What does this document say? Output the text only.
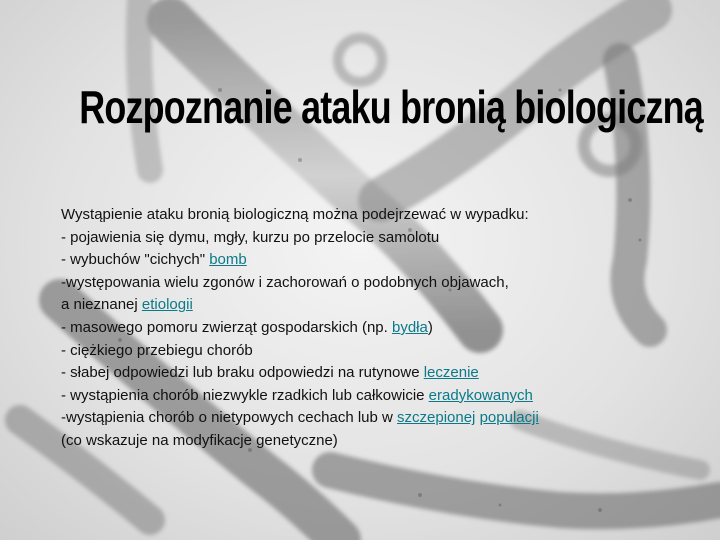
Rozpoznanie ataku bronią biologiczną
Wystąpienie ataku bronią biologiczną można podejrzewać w wypadku:
- pojawienia się dymu, mgły, kurzu po przelocie samolotu
- wybuchów "cichych" bomb
-występowania wielu zgonów i zachorowań o podobnych objawach,
a nieznanej etiologii
- masowego pomoru zwierząt gospodarskich (np. bydła)
- ciężkiego przebiegu chorób
- słabej odpowiedzi lub braku odpowiedzi na rutynowe leczenie
- wystąpienia chorób niezwykle rzadkich lub całkowicie eradykowanych
-wystąpienia chorób o nietypowych cechach lub w szczepionej populacji
(co wskazuje na modyfikacje genetyczne)
